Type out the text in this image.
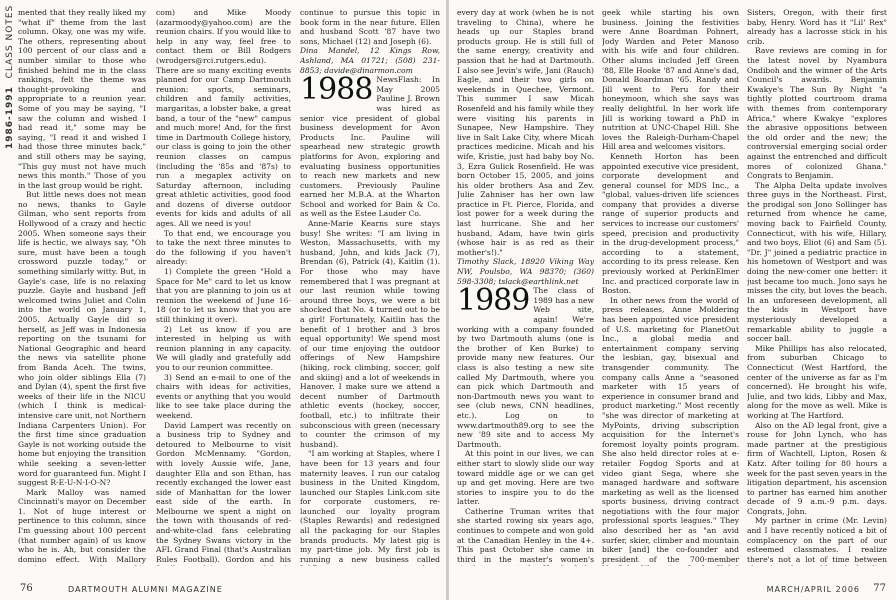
1986-1991  CLASS NOTES mented that they really liked my "what if" theme from the last column. Okay, one was my wife. The others, representing about 100 percent of our class and a number similar to those who finished behind me in the class rankings, felt the theme was thought-provoking and appropriate to a reunion year. Some of you may be saying, "I saw the column and wished I had read it," some may be saying, "I read it and wished I had those three minutes back," and still others may be saying, "This guy must not have much news this month." Those of you in the last group would be right.

But little news does not mean no news, thanks to Gayle Gilman, who sent reports from Hollywood of a crazy and hectic 2005. When someone says their life is hectic, we always say, "Oh sure, must have been a tough crossword puzzle today," or something similarly witty. But, in Gayle's case, life is no relaxing puzzle. Gayle and husband Jeff welcomed twins Juliet and Colin into the world on January 1, 2005. Actually Gayle did so herself, as Jeff was in Indonesia reporting on the tsunami for National Geographic and heard the news via satellite phone from Banda Aceh. The twins, who join older siblings Ella (7) and Dylan (4), spent the first five weeks of their life in the NICU (which I think is medical-intensive care unit, not Northern Indiana Carpenters Union). For the first time since graduation Gayle is not working outside the home but enjoying the transition while seeking a seven-letter word for guaranteed fun. Might I suggest R-E-U-N-I-O-N?

Mark Malloy was named Cincinnati's mayor on December 1. Not of huge interest or pertinence to this column, since I'm guessing about 100 percent (that number again) of us know who he is. Ah, but consider the domino effect. With Mallory

com) and Mike Moody (azarmoody@yahoo.com) are the reunion chairs. If you would like to help in any way, feel free to contact them or Bill Rodgers (wrodgers@rci.rutgers.edu). There are so many exciting events planned for our Camp Dartmouth reunion: sports, seminars, children and family activities, margaritas, a lobster bake, a great band, a tour of the "new" campus and much more! And, for the first time in Dartmouth College history, our class is going to join the other reunion classes on campus (including the '85s and '87s) to run a megaplex activity on Saturday afternoon, including great athletic activities, good food and dozens of diverse outdoor events for kids and adults of all ages. All we need is you!

To that end, we encourage you to take the next three minutes to do the following if you haven't already:

1) Complete the green "Hold a Space for Me" card to let us know that you are planning to join us at reunion the weekend of June 16-18 (or to let us know that you are still thinking it over).

2) Let us know if you are interested in helping us with reunion planning in any capacity. We will gladly and gratefully add you to our reunion committee.

3) Send an e-mail to one of the chairs with ideas for activities, events or anything that you would like to see take place during the weekend.

David Lampert was recently on a business trip to Sydney and detoured to Melbourne to visit Gordon McMennamy. "Gordon, with lovely Aussie wife, Jane, daughter Ella and son Ethan, has recently exchanged the lower east side of Manhattan for the lower east side of the earth. In Melbourne we spent a night on the town with thousands of red-and-white-clad fans celebrating the Sydney Swans victory in the AFL Grand Final (that's Australian Rules Football). Gordon and his

continue to pursue this topic in book form in the near future. Ellen and husband Scott '87 have two sons, Michael (12) and Joseph (6).

Dina Mandel, 12 Kings Row, Ashland, MA 01721; (508) 231-8853; davide@dinarmon.com

1988 NewsFlash: In May 2005 Pauline J. Brown was hired as senior vice president of global business development for Avon Products Inc. Pauline will spearhead new strategic growth platforms for Avon, exploring and evaluating business opportunities to reach new markets and new customers. Previously Pauline earned her M.B.A. at the Wharton School and worked for Bain & Co. as well as the Estee Lauder Co.

Anne-Marie Kearns sure stays busy! She writes: "I am living in Weston, Massachusetts, with my husband, John, and kids Jack (7), Brendan (6), Patrick (4), Kaitlin (1). For those who may have remembered that I was pregnant at our last reunion while towing around three boys, we were a bit shocked that No. 4 turned out to be a girl! Fortunately, Kaitlin has the benefit of 1 brother and 3 bros equal opportunity! We spend most of our time enjoying the outdoor offerings of New Hampshire (hiking, rock climbing, soccer, golf and skiing) and a lot of weekends in Hanover. I make sure we attend a decent number of Dartmouth athletic events (hockey, soccer, football, etc.) to infiltrate their subconscious with green (necessary to counter the crimson of my husband).

"I am working at Staples, where I have been for 13 years and four maternity leaves. I run our catalog business in the United Kingdom, launched our Staples Link.com site for corporate customers, re-launched our loyalty program (Staples Rewards) and redesigned all the packaging for our Staples brands products. My latest gig is my part-time job. My first job is running a new business called

76	DARTMOUTH ALUMNI MAGAZINE

every day at work (when he is not traveling to China), where he heads up our Staples brand products group. He is still full of the same energy, creativity and passion that he had at Dartmouth. I also see Jevin's wife, Jani (Rauch) Eagle, and their two girls on weekends in Quechee, Vermont. This summer I saw Micah Rosenfeld and his family while they were visiting his parents in Sunapee, New Hampshire. They live in Salt Lake City, where Micah practices medicine. Micah and his wife, Kristie, just had baby boy No. 3, Ezra Gulick Rosenfield. He was born October 15, 2005, and joins his older brothers Asa and Zev. Julie Zahniser has her own law practice in Ft. Pierce, Florida, and lost power for a week during the last hurricane. She and her husband, Adam, have twin girls (whose hair is as red as their mother's!)."

Timothy Slack, 18920 Viking Way NW, Poulsbo, WA 98370; (360) 598-3308; tslack@earthlink.net

1989 The class of 1989 has a new Web site, again! We're working with a company founded by two Dartmouth alums (one is the brother of Ken Burke) to provide many new features. Our class is also testing a new site called My Dartmouth, where you can pick which Dartmouth and non-Dartmouth news you want to see (club news, CNN headlines, etc.). Log on to www.dartmouth89.org to see the new '89 site and to access My Dartmouth.

At this point in our lives, we can either start to slowly slide our way toward middle age or we can get up and get moving. Here are two stories to inspire you to do the latter.

Catherine Truman writes that she started rowing six years ago, continues to compete and won gold at the Canadian Henley in the 4+. This past October she came in third in the master's women's

geek while starting his own business. Joining the festivities were Anne Boardman Pohnert, Jody Warden and Peter Manoso with his wife and four children. Other alums included Jeff Green '88, Elle Hooke '87 and Anne's dad, Donald Boardman '65. Randy and Jill went to Peru for their honeymoon, which she says was really delightful. In her work life Jill is working toward a PhD in nutrition at UNC-Chapel Hill. She loves the Raleigh-Durham-Chapel Hill area and welcomes visitors.

Kenneth Horton has been appointed executive vice president, corporate development and general counsel for MDS Inc., a "global, values-driven life sciences company that provides a diverse range of superior products and services to increase our customers' speed, precision and productivity in the drug-development process," according to a statement, according to its press release. Ken previously worked at PerkinElmer Inc. and practiced corporate law in Boston.

In other news from the world of press releases, Anne Moldering has been appointed vice president of U.S. marketing for PlanetOut Inc., a global media and entertainment company serving the lesbian, gay, bisexual and transgender community. The company calls Anne a "seasoned marketer with 15 years of experience in consumer brand and product marketing." Most recently "she was director of marketing at MyPoints, driving subscription acquisition for the Internet's foremost loyalty points program. She also held director roles at e-retailer Fogdog Sports and at video giant Sega, where she managed hardware and software marketing as well as the licensed sports business, driving contract negotiations with the four major professional sports leagues." They also described her as "an avid surfer, skier, climber and mountain biker [and] the co-founder and president of the 700-member

Sisters, Oregon, with their first baby, Henry. Word has it "Lil' Rex" already has a lacrosse stick in his crib.

Rave reviews are coming in for the latest novel by Nyambura Ondiboh and the winner of the Arts Council's awards. Benjamin Kwakye's The Sun By Night "a tightly plotted courtroom drama with themes from contemporary Africa," where Kwakye "explores the abrasive oppositions between the old order and the new; the controversial emerging social order against the entrenched and difficult mores of colonized Ghana." Congrats to Benjamin.

The Alpha Delta update involves three guys in the Northeast. First, the prodigal son Jono Sollinger has returned from whence he came, moving back to Fairfield County, Connecticut, with his wife, Hillary, and two boys, Eliot (6) and Sam (5). "Dr. J" joined a pediatric practice in his hometown of Westport and was doing the new-comer one better: it just became too much. Jono says he misses the city, but loves the beach. In an unforeseen development, all the kids in Westport have mysteriously developed a remarkable ability to juggle a soccer ball.

Mike Phillips has also relocated, from suburban Chicago to Connecticut (West Hartford, the center of the universe as far as I'm concerned). He brought his wife, Julie, and two kids, Libby and Max, along for the move as well. Mike is working at The Hartford.

Also on the AD legal front, give a rouse for John Lynch, who has made partner at the prestigious firm of Wachtell, Lipton, Rosen & Katz. After toiling for 80 hours a week for the past seven years in the litigation department, his ascension to partner has earned him another decade of 9 a.m.-9 p.m. days. Congrats, John.

My partner in crime (Mr. Levin) and I have recently noticed a bit of complacency on the part of our esteemed classmates. I realize there's not a lot of time between

MARCH/APRIL 2006 77
